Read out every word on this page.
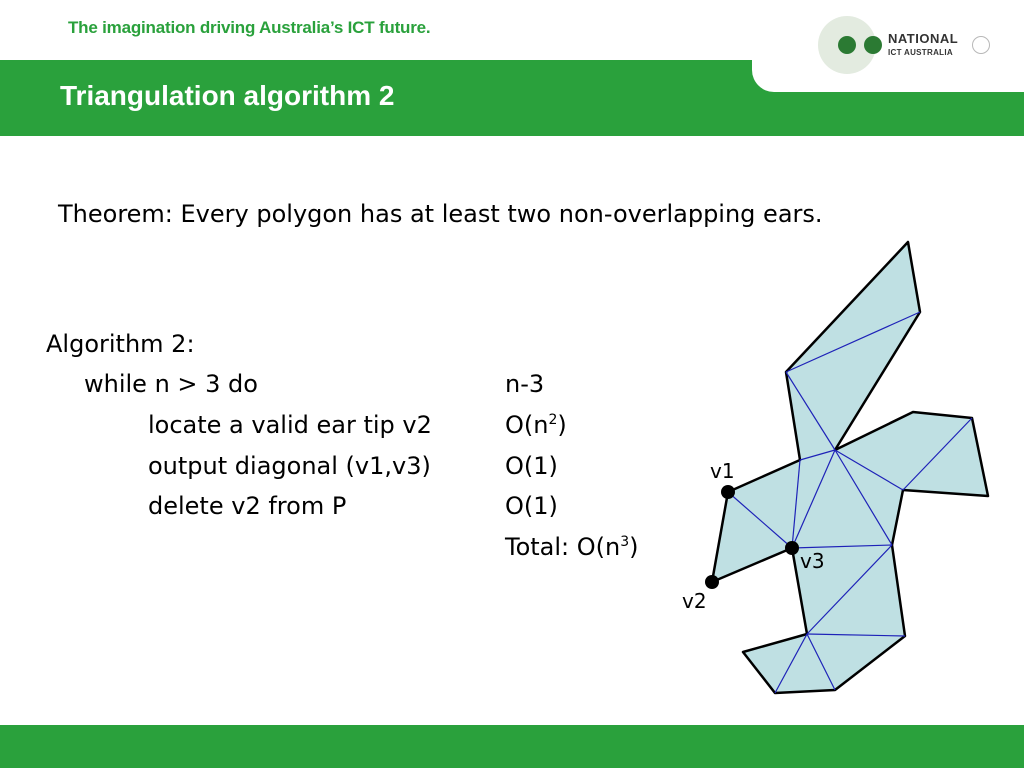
The imagination driving Australia’s ICT future.
NATIONAL
ICT AUSTRALIA
Triangulation algorithm 2
Theorem: Every polygon has at least two non-overlapping ears.
Algorithm 2:
while n > 3 do	n-3
locate a valid ear tip v2	$O(n^2)$
output diagonal (v1,v3)	O(1)
delete v2 from P	O(1)
Total: $O(n^3)$
v1
v2
v3
